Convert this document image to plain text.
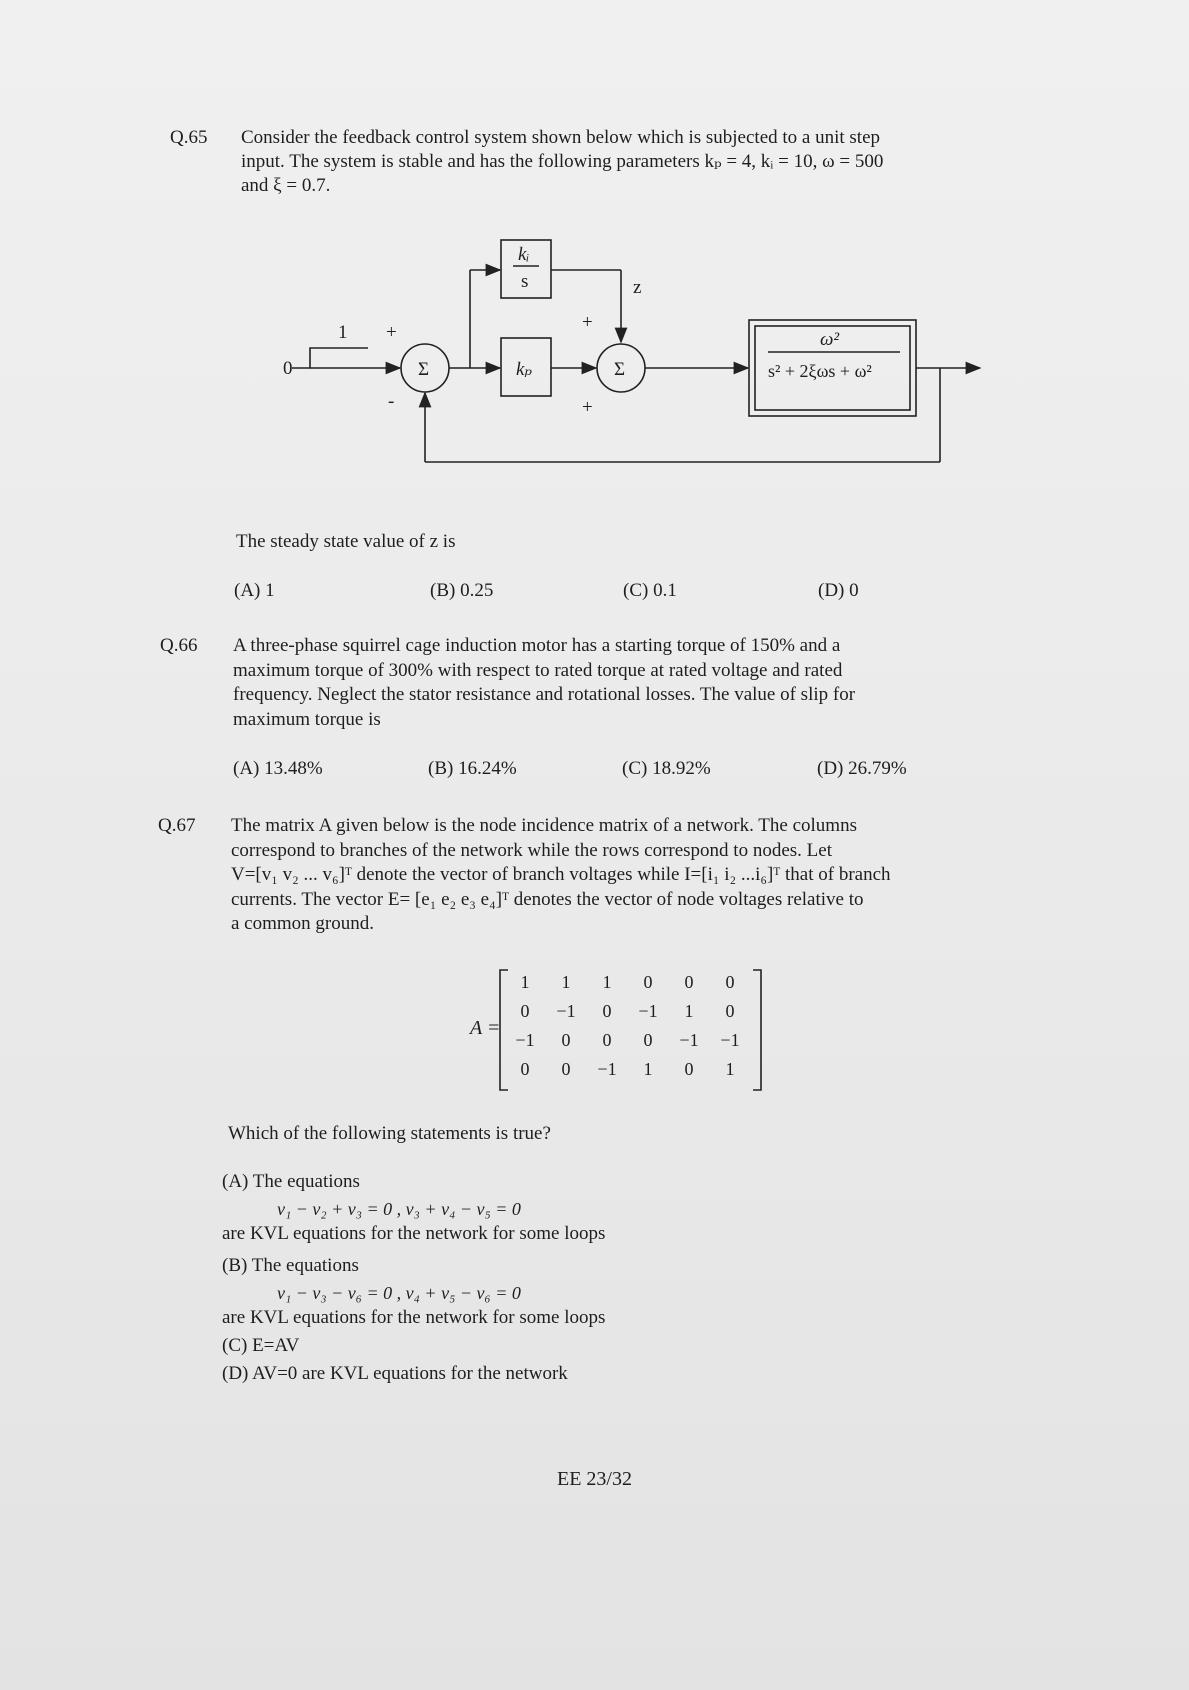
Q.65 Consider the feedback control system shown below which is subjected to a unit step
input. The system is stable and has the following parameters kₚ = 4, kᵢ = 10, ω = 500
and ξ = 0.7.
1
0	Σ
+
-
kᵢ
s
kₚ
z
Σ
+
+
ω²
s² + 2ξωs + ω²
The steady state value of z is
(A) 1	(B) 0.25	(C) 0.1	(D) 0
Q.66 A three-phase squirrel cage induction motor has a starting torque of 150% and a
maximum torque of 300% with respect to rated torque at rated voltage and rated
frequency. Neglect the stator resistance and rotational losses. The value of slip for
maximum torque is
(A) 13.48%	(B) 16.24%	(C) 18.92%	(D) 26.79%
Q.67 The matrix A given below is the node incidence matrix of a network. The columns
correspond to branches of the network while the rows correspond to nodes. Let
V=[v₁ v₂ ... v₆]ᵀ denote the vector of branch voltages while I=[i₁ i₂ ...i₆]ᵀ that of branch
currents. The vector E= [e₁ e₂ e₃ e₄]ᵀ denotes the vector of node voltages relative to
a common ground.
A =
1	1	1	0	0	0
0	−1	0	−1	1	0
−1	0	0	0	−1	−1
0	0	−1	1	0	1
Which of the following statements is true?
(A) The equations
v₁ − v₂ + v₃ = 0 , v₃ + v₄ − v₅ = 0
are KVL equations for the network for some loops
(B) The equations
v₁ − v₃ − v₆ = 0 , v₄ + v₅ − v₆ = 0
are KVL equations for the network for some loops
(C) E=AV
(D) AV=0 are KVL equations for the network
EE 23/32
